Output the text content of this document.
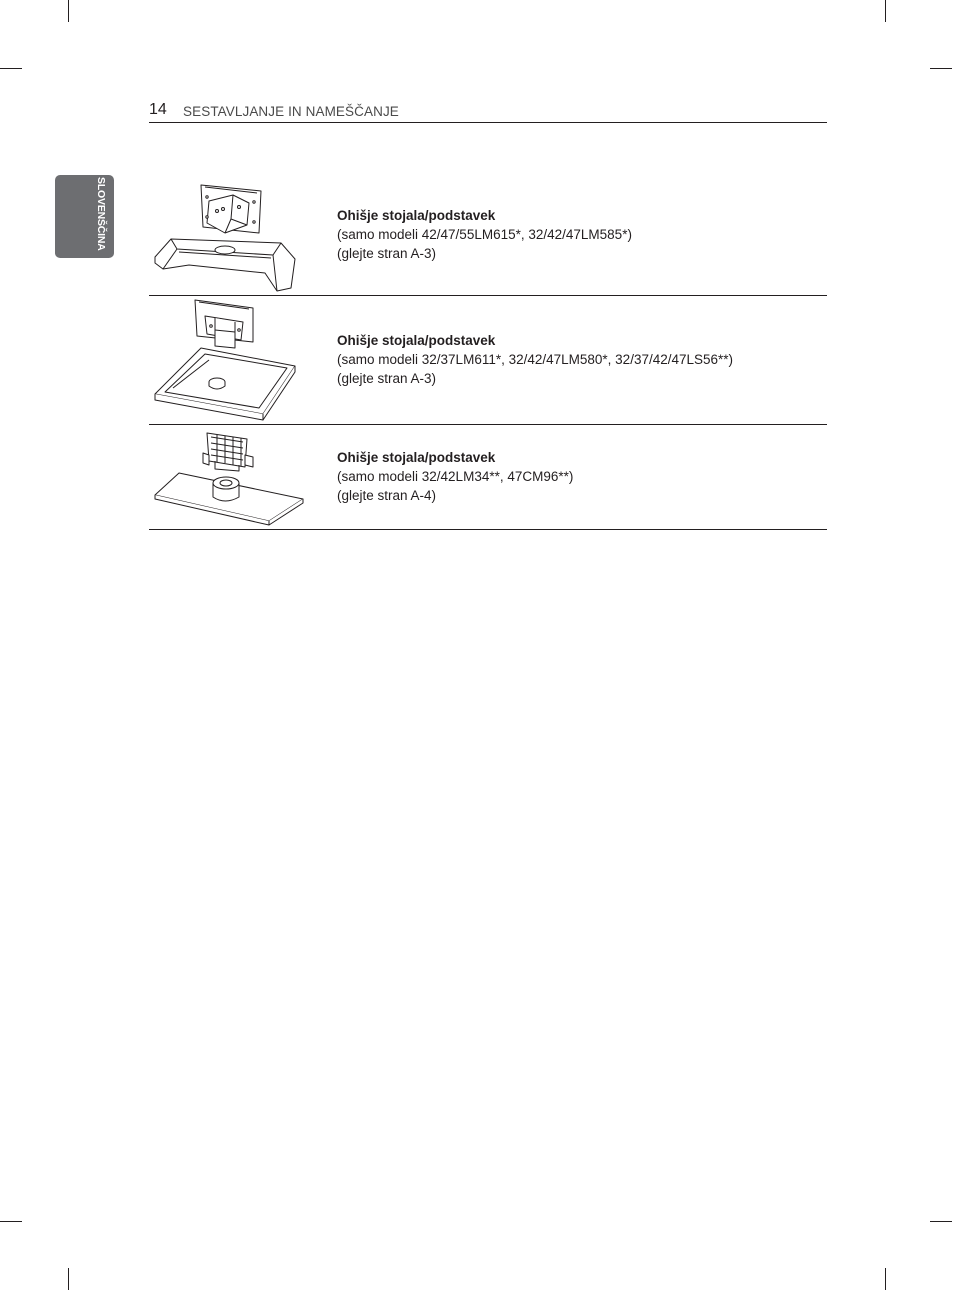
14 SESTAVLJANJE IN NAMEŠČANJE
SLOVENŠČINA	Ohišje stojala/podstavek
(samo modeli 42/47/55LM615*, 32/42/47LM585*)
(glejte stran A-3)
Ohišje stojala/podstavek
(samo modeli 32/37LM611*, 32/42/47LM580*, 32/37/42/47LS56**)
(glejte stran A-3)
Ohišje stojala/podstavek
(samo modeli 32/42LM34**, 47CM96**)
(glejte stran A-4)
